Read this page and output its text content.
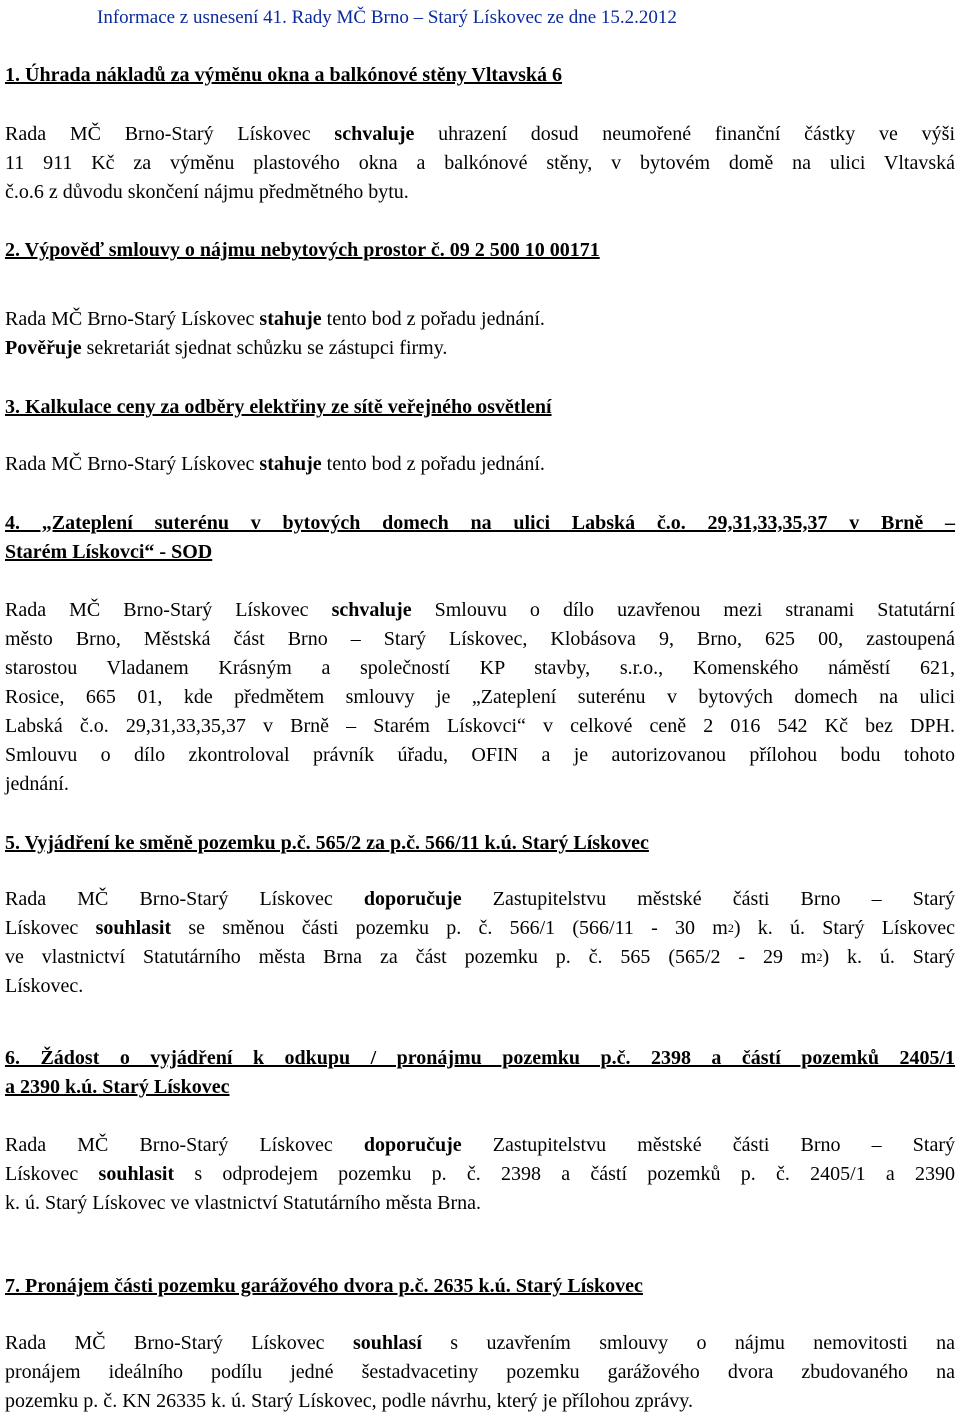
Informace z usnesení 41. Rady MČ Brno – Starý Lískovec ze dne 15.2.2012
1. Úhrada nákladů za výměnu okna a balkónové stěny Vltavská 6
Rada MČ Brno-Starý Lískovec schvaluje uhrazení dosud neumořené finanční částky ve výši
11 911 Kč za výměnu plastového okna a balkónové stěny, v bytovém domě na ulici Vltavská
č.o.6 z důvodu skončení nájmu předmětného bytu.
2. Výpověď smlouvy o nájmu nebytových prostor č. 09 2 500 10 00171
Rada MČ Brno-Starý Lískovec stahuje tento bod z pořadu jednání.
Pověřuje sekretariát sjednat schůzku se zástupci firmy.
3. Kalkulace ceny za odběry elektřiny ze sítě veřejného osvětlení
Rada MČ Brno-Starý Lískovec stahuje tento bod z pořadu jednání.
4. „Zateplení suterénu v bytových domech na ulici Labská č.o. 29,31,33,35,37 v Brně –
Starém Lískovci“ - SOD
Rada MČ Brno-Starý Lískovec schvaluje Smlouvu o dílo uzavřenou mezi stranami Statutární
město Brno, Městská část Brno – Starý Lískovec, Klobásova 9, Brno, 625 00, zastoupená
starostou Vladanem Krásným a společností KP stavby, s.r.o., Komenského náměstí 621,
Rosice, 665 01, kde předmětem smlouvy je „Zateplení suterénu v bytových domech na ulici
Labská č.o. 29,31,33,35,37 v Brně – Starém Lískovci“ v celkové ceně 2 016 542 Kč bez DPH.
Smlouvu o dílo zkontroloval právník úřadu, OFIN a je autorizovanou přílohou bodu tohoto
jednání.
5. Vyjádření ke směně pozemku p.č. 565/2 za p.č. 566/11 k.ú. Starý Lískovec
Rada MČ Brno-Starý Lískovec doporučuje Zastupitelstvu městské části Brno – Starý
Lískovec souhlasit se směnou části pozemku p. č. 566/1 (566/11 - 30 $m^2$) k. ú. Starý Lískovec
ve vlastnictví Statutárního města Brna za část pozemku p. č. 565 (565/2 - 29 $m^2$) k. ú. Starý
Lískovec.
6. Žádost o vyjádření k odkupu / pronájmu pozemku p.č. 2398 a částí pozemků 2405/1
a 2390 k.ú. Starý Lískovec
Rada MČ Brno-Starý Lískovec doporučuje Zastupitelstvu městské části Brno – Starý
Lískovec souhlasit s odprodejem pozemku p. č. 2398 a částí pozemků p. č. 2405/1 a 2390
k. ú. Starý Lískovec ve vlastnictví Statutárního města Brna.
7. Pronájem části pozemku garážového dvora p.č. 2635 k.ú. Starý Lískovec
Rada MČ Brno-Starý Lískovec souhlasí s uzavřením smlouvy o nájmu nemovitosti na
pronájem ideálního podílu jedné šestadvacetiny pozemku garážového dvora zbudovaného na
pozemku p. č. KN 26335 k. ú. Starý Lískovec, podle návrhu, který je přílohou zprávy.
